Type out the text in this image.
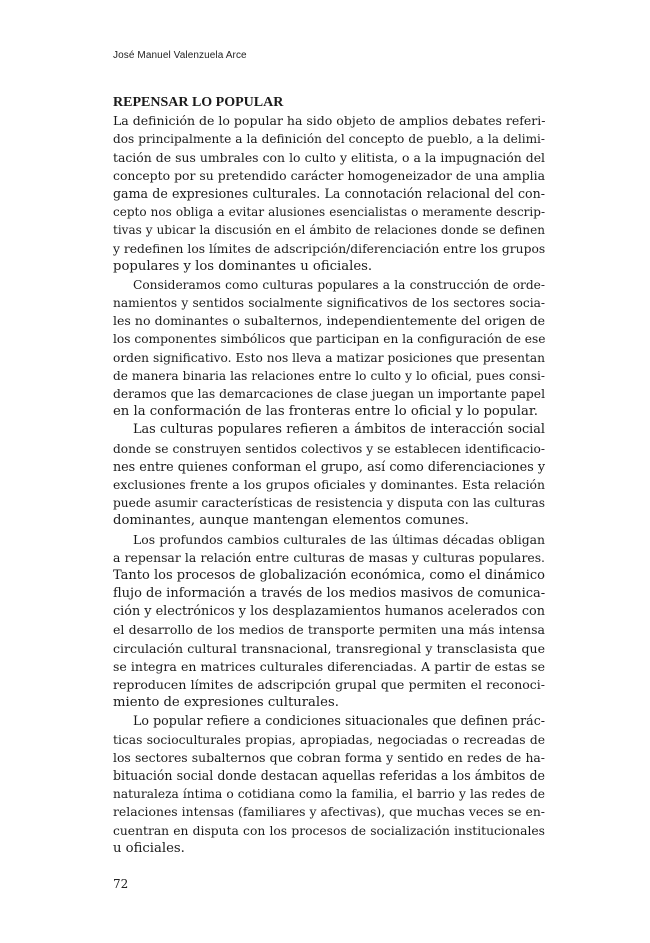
José Manuel Valenzuela Arce
REPENSAR LO POPULAR
La definición de lo popular ha sido objeto de amplios debates referi-
dos principalmente a la definición del concepto de pueblo, a la delimi-
tación de sus umbrales con lo culto y elitista, o a la impugnación del
concepto por su pretendido carácter homogeneizador de una amplia
gama de expresiones culturales. La connotación relacional del con-
cepto nos obliga a evitar alusiones esencialistas o meramente descrip-
tivas y ubicar la discusión en el ámbito de relaciones donde se definen
y redefinen los límites de adscripción/diferenciación entre los grupos
populares y los dominantes u oficiales.
Consideramos como culturas populares a la construcción de orde-
namientos y sentidos socialmente significativos de los sectores socia-
les no dominantes o subalternos, independientemente del origen de
los componentes simbólicos que participan en la configuración de ese
orden significativo. Esto nos lleva a matizar posiciones que presentan
de manera binaria las relaciones entre lo culto y lo oficial, pues consi-
deramos que las demarcaciones de clase juegan un importante papel
en la conformación de las fronteras entre lo oficial y lo popular.
Las culturas populares refieren a ámbitos de interacción social
donde se construyen sentidos colectivos y se establecen identificacio-
nes entre quienes conforman el grupo, así como diferenciaciones y
exclusiones frente a los grupos oficiales y dominantes. Esta relación
puede asumir características de resistencia y disputa con las culturas
dominantes, aunque mantengan elementos comunes.
Los profundos cambios culturales de las últimas décadas obligan
a repensar la relación entre culturas de masas y culturas populares.
Tanto los procesos de globalización económica, como el dinámico
flujo de información a través de los medios masivos de comunica-
ción y electrónicos y los desplazamientos humanos acelerados con
el desarrollo de los medios de transporte permiten una más intensa
circulación cultural transnacional, transregional y transclasista que
se integra en matrices culturales diferenciadas. A partir de estas se
reproducen límites de adscripción grupal que permiten el reconoci-
miento de expresiones culturales.
Lo popular refiere a condiciones situacionales que definen prác-
ticas socioculturales propias, apropiadas, negociadas o recreadas de
los sectores subalternos que cobran forma y sentido en redes de ha-
bituación social donde destacan aquellas referidas a los ámbitos de
naturaleza íntima o cotidiana como la familia, el barrio y las redes de
relaciones intensas (familiares y afectivas), que muchas veces se en-
cuentran en disputa con los procesos de socialización institucionales
u oficiales.
72
